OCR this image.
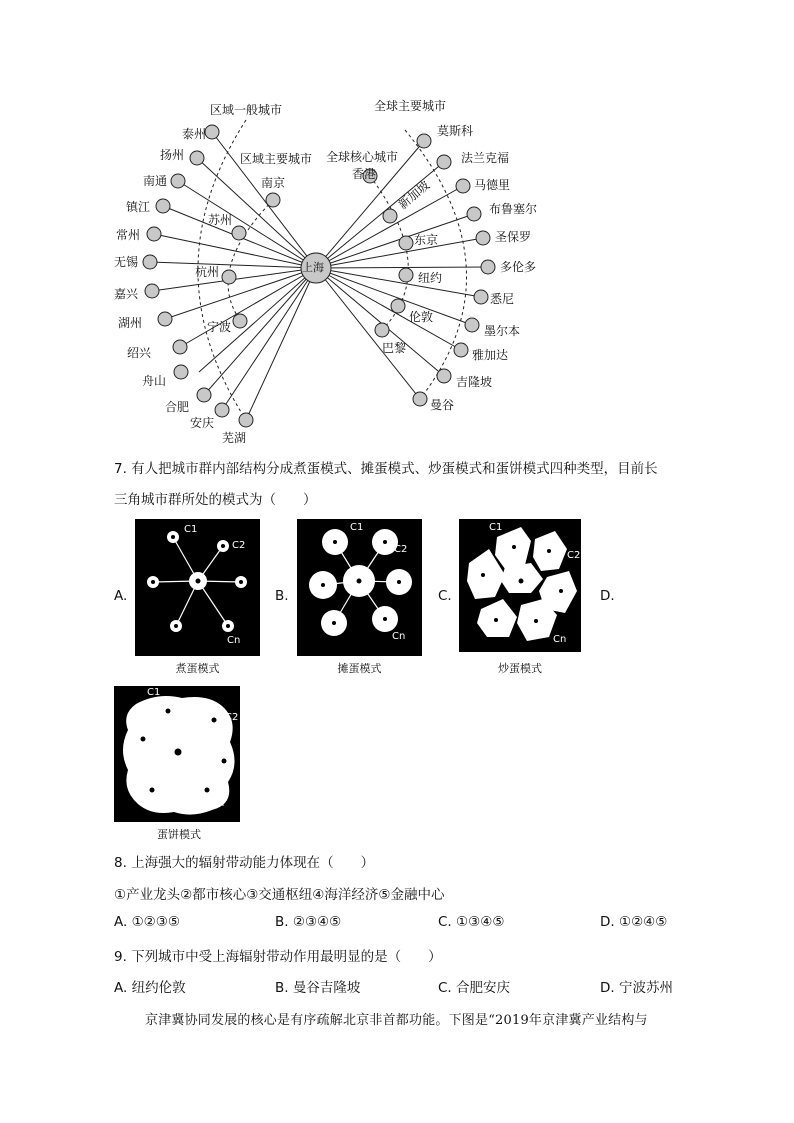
上海
区域一般城市
区域主要城市
全球主要城市
全球核心城市
泰州
扬州
南通
镇江
常州
无锡
嘉兴
湖州
绍兴
舟山
合肥
安庆
芜湖
南京
苏州
杭州
宁波
香港
新加坡
东京
纽约
伦敦
巴黎
莫斯科
法兰克福
马德里
布鲁塞尔
圣保罗
多伦多
悉尼
墨尔本
雅加达
吉隆坡
曼谷
7. 有人把城市群内部结构分成煮蛋模式、摊蛋模式、炒蛋模式和蛋饼模式四种类型，目前长
三角城市群所处的模式为（　　）
A.
C1
C2
Cn
煮蛋模式
B.
C1
C2
Cn
摊蛋模式
C.
C1
C2
Cn
炒蛋模式
D.
C1
C2
Cn
蛋饼模式
8. 上海强大的辐射带动能力体现在（　　）
①产业龙头②都市核心③交通枢纽④海洋经济⑤金融中心
A. ①②③⑤	B. ②③④⑤	C. ①③④⑤	D. ①②④⑤
9. 下列城市中受上海辐射带动作用最明显的是（　　）
A. 纽约伦敦	B. 曼谷吉隆坡	C. 合肥安庆	D. 宁波苏州
京津冀协同发展的核心是有序疏解北京非首都功能。下图是“2019年京津冀产业结构与
